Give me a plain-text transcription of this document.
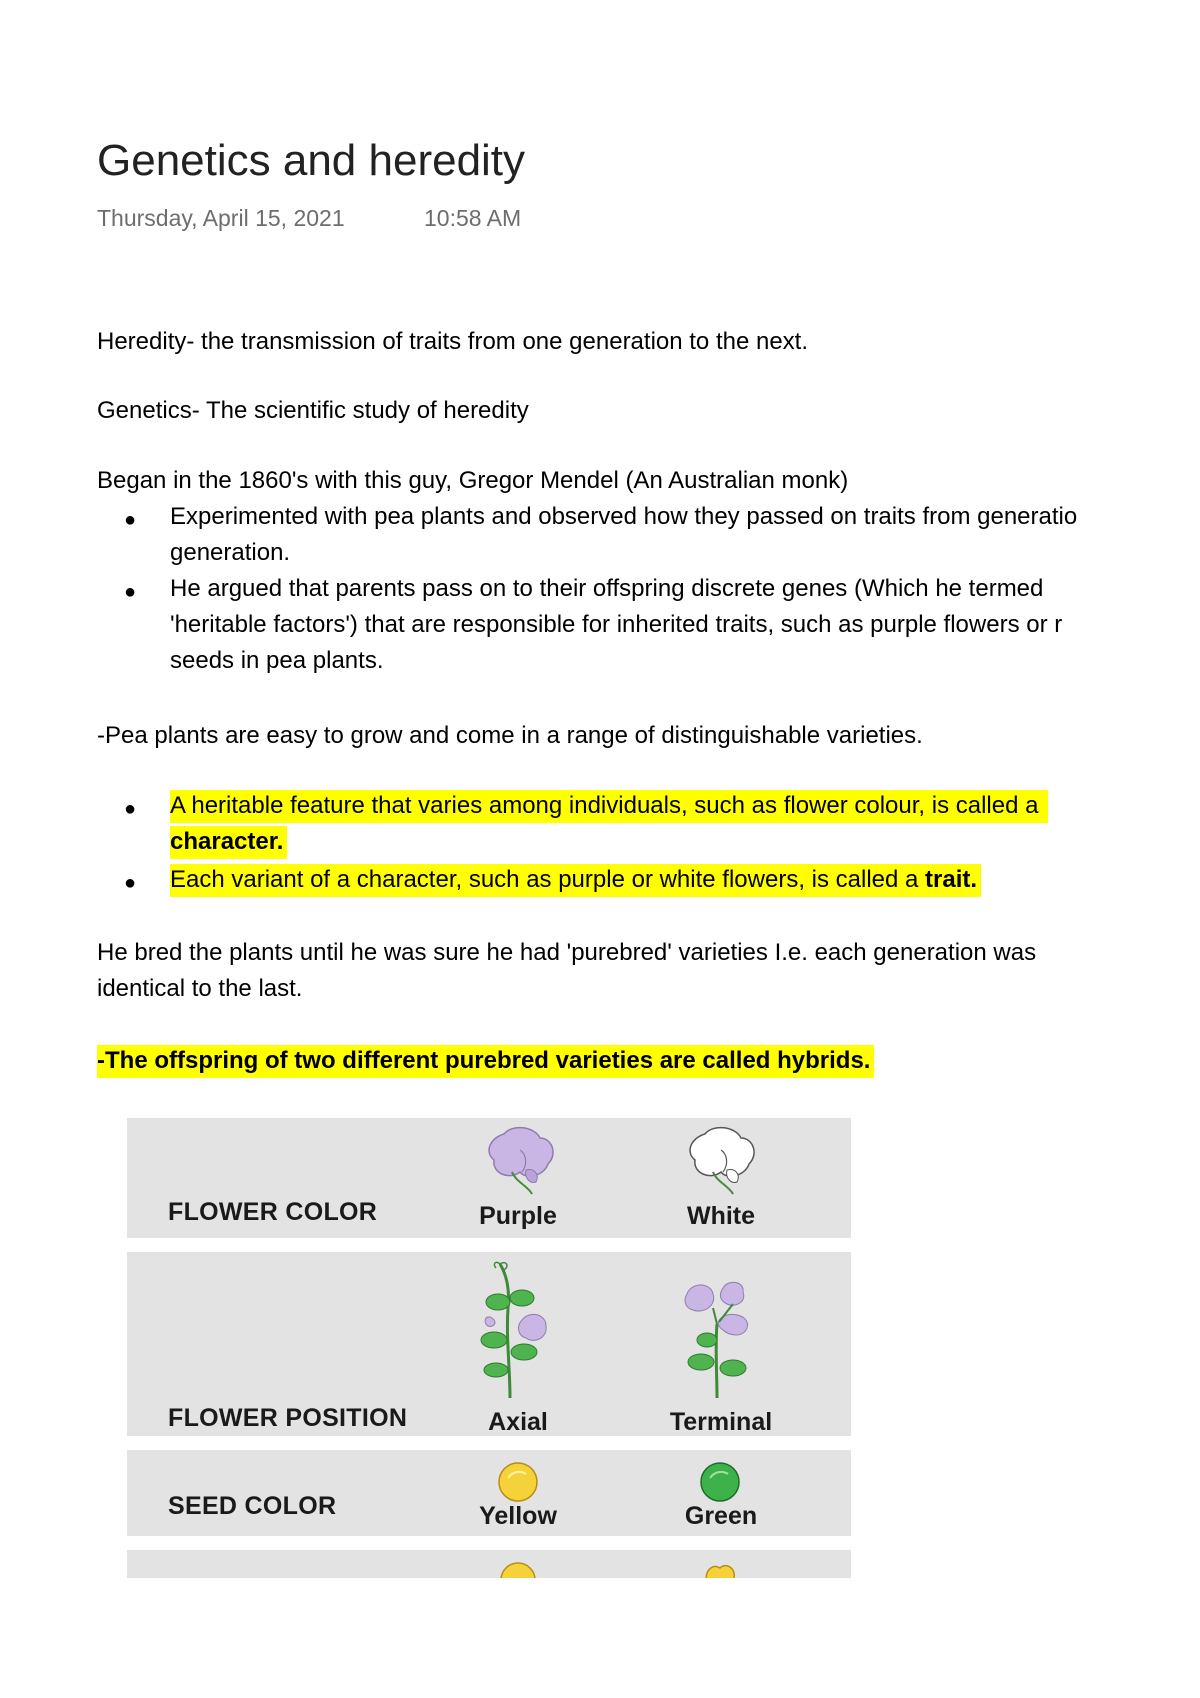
Genetics and heredity
Thursday, April 15, 2021	10:58 AM
Heredity- the transmission of traits from one generation to the next.
Genetics- The scientific study of heredity
Began in the 1860's with this guy, Gregor Mendel (An Australian monk)
● Experimented with pea plants and observed how they passed on traits from generatio
generation.
● He argued that parents pass on to their offspring discrete genes (Which he termed
'heritable factors') that are responsible for inherited traits, such as purple flowers or r
seeds in pea plants.
-Pea plants are easy to grow and come in a range of distinguishable varieties.
● A heritable feature that varies among individuals, such as flower colour, is called a
character.
● Each variant of a character, such as purple or white flowers, is called a trait.
He bred the plants until he was sure he had 'purebred' varieties I.e. each generation was
identical to the last.
-The offspring of two different purebred varieties are called hybrids.
FLOWER COLOR	Purple	White
FLOWER POSITION	Axial	Terminal
SEED COLOR	Yellow	Green
